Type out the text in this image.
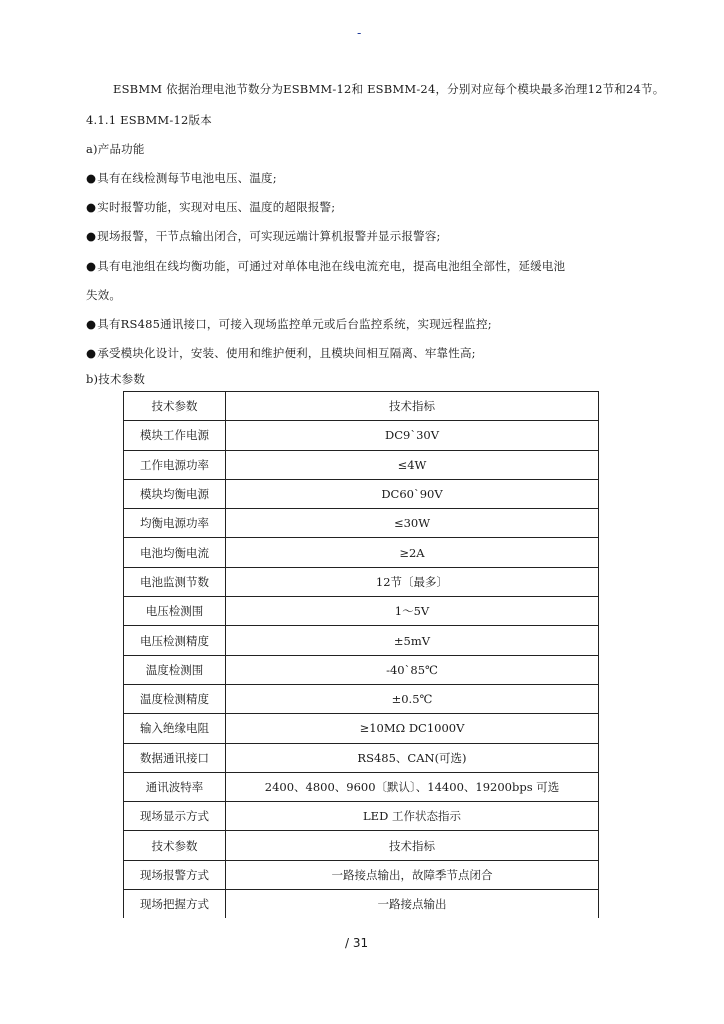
-
ESBMM 依据治理电池节数分为ESBMM-12和 ESBMM-24，分别对应每个模块最多治理12节和24节。
4.1.1 ESBMM-12版本
a)产品功能
●具有在线检测每节电池电压、温度;
●实时报警功能，实现对电压、温度的超限报警;
●现场报警，干节点输出闭合，可实现远端计算机报警并显示报警容;
●具有电池组在线均衡功能，可通过对单体电池在线电流充电，提高电池组全部性，延缓电池
失效。
●具有RS485通讯接口，可接入现场监控单元或后台监控系统，实现远程监控;
●承受模块化设计，安装、使用和维护便利，且模块间相互隔离、牢靠性高;
b)技术参数
技术参数	技术指标
模块工作电源	DC9`30V
工作电源功率	≤4W
模块均衡电源	DC60`90V
均衡电源功率	≤30W
电池均衡电流	≥2A
电池监测节数	12节〔最多〕
电压检测围	1～5V
电压检测精度	±5mV
温度检测围	-40`85℃
温度检测精度	±0.5℃
输入绝缘电阻	≥10MΩ DC1000V
数据通讯接口	RS485、CAN(可选)
通讯波特率	2400、4800、9600〔默认〕、14400、19200bps 可选
现场显示方式	LED 工作状态指示
技术参数	技术指标
现场报警方式	一路接点输出，故障季节点闭合
现场把握方式	一路接点输出
/ 31
